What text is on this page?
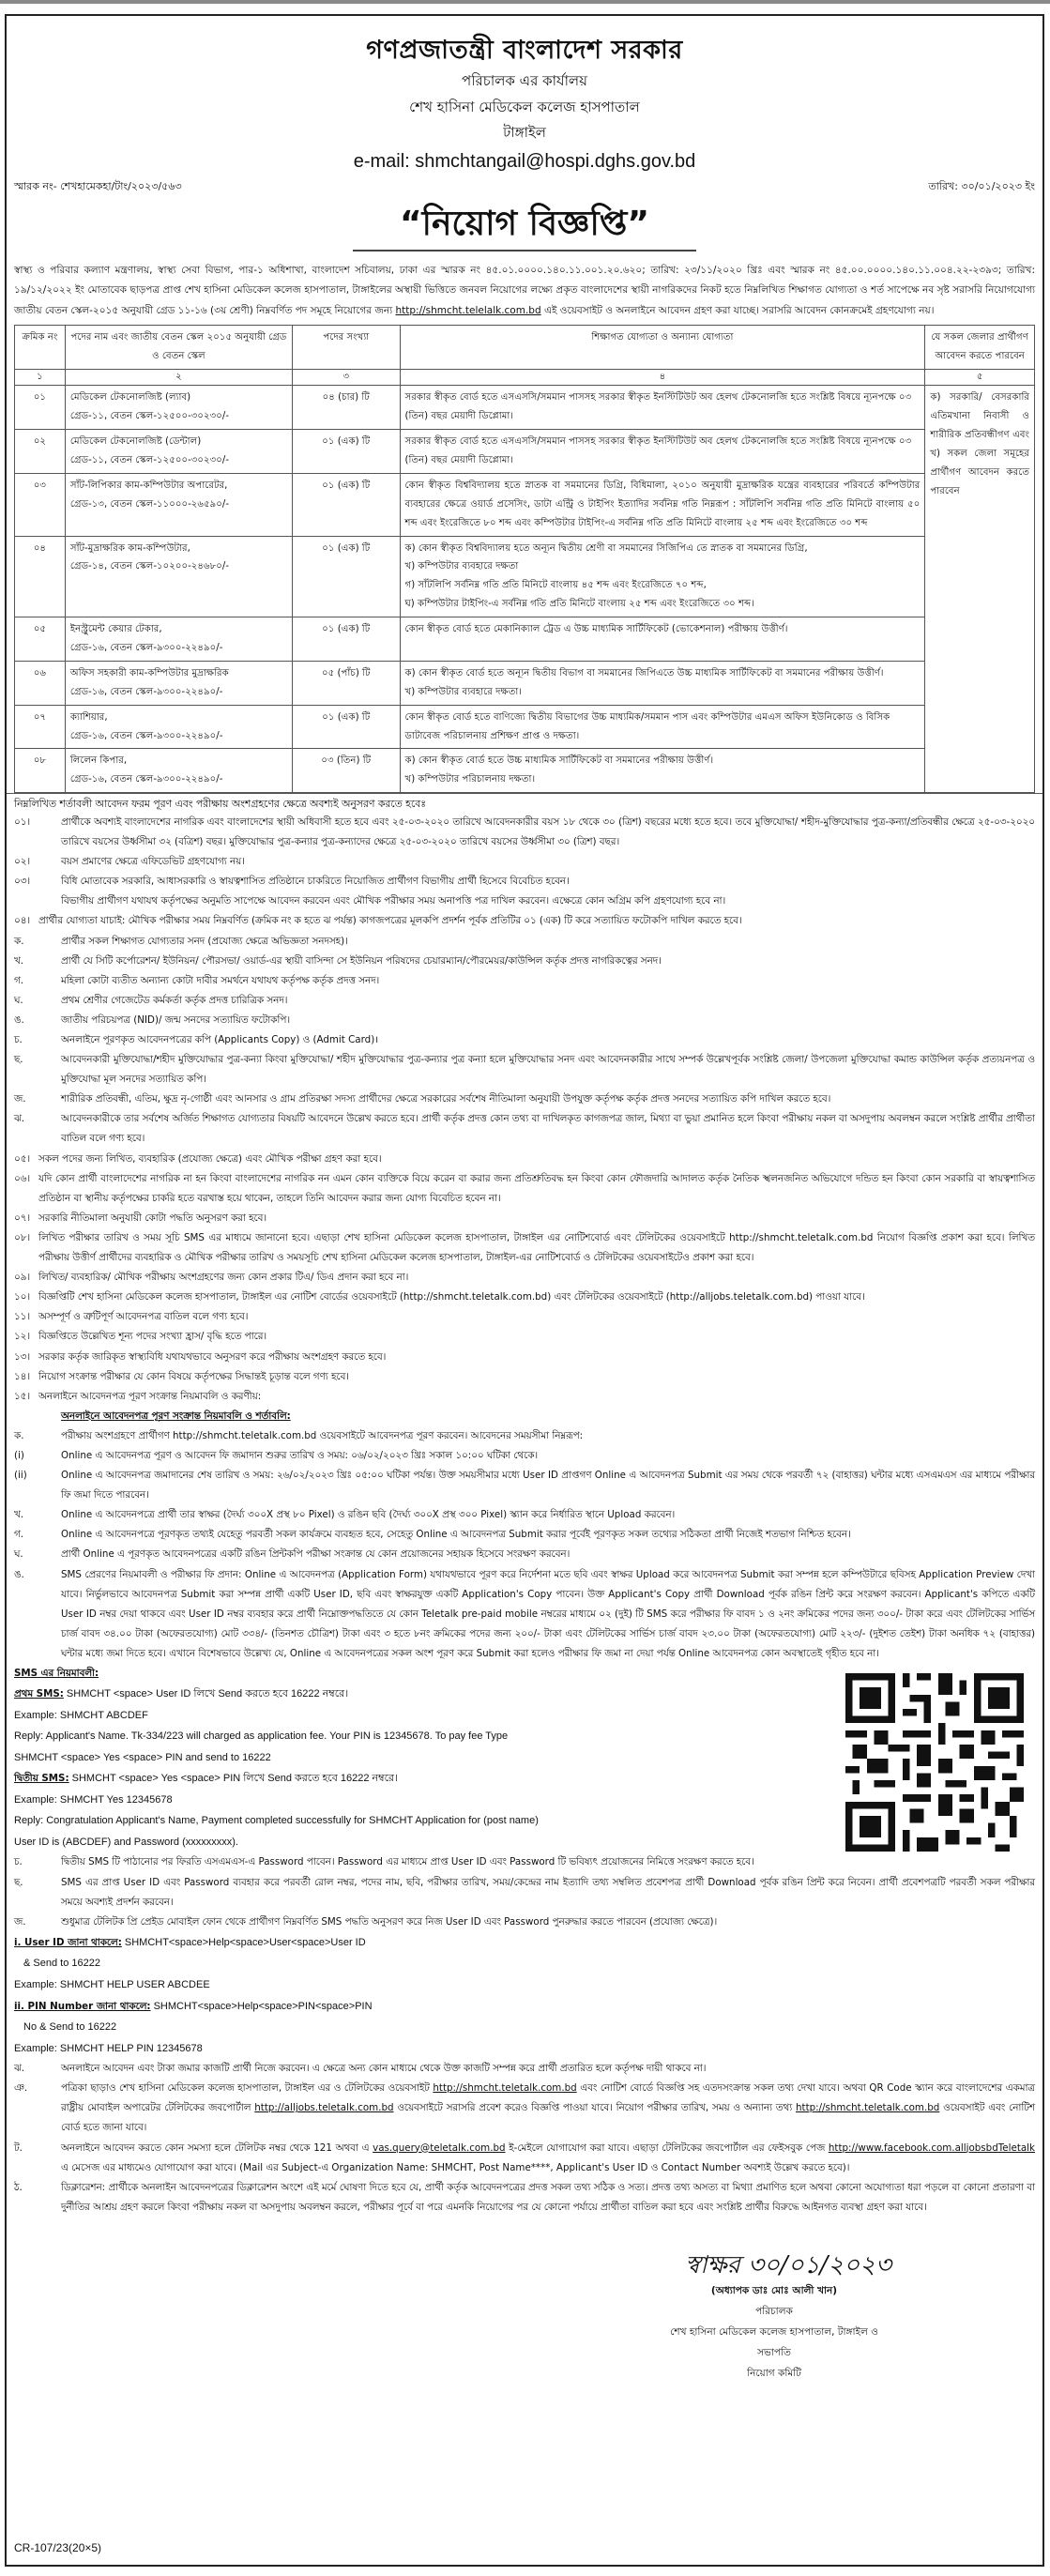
গণপ্রজাতন্ত্রী বাংলাদেশ সরকার
পরিচালক এর কার্যালয়
শেখ হাসিনা মেডিকেল কলেজ হাসপাতাল
টাঙ্গাইল
e-mail: shmchtangail@hospi.dghs.gov.bd
স্মারক নং- শেখহামেকহা/টাং/২০২৩/৫৬৩	তারিখ: ৩০/০১/২০২৩ ইং
“নিয়োগ বিজ্ঞপ্তি”

স্বাস্থ্য ও পরিবার কল্যাণ মন্ত্রণালয়, স্বাস্থ্য সেবা বিভাগ, পার-১ অধিশাখা, বাংলাদেশ সচিবালয়, ঢাকা এর স্মারক নং ৪৫.০১.০০০০.১৪০.১১.০০১.২০.৬২০; তারিখ: ২৩/১১/২০২০ খ্রিঃ এবং স্মারক নং ৪৫.০০.০০০০.১৪০.১১.০০৪.২২-২৩৯৩; তারিখ: ১৯/১২/২০২২ ইং মোতাবেক ছাড়পত্র প্রাপ্ত শেখ হাসিনা মেডিকেল কলেজ হাসপাতাল, টাঙ্গাইলের অস্থায়ী ভিত্তিতে জনবল নিয়োগের লক্ষ্যে প্রকৃত বাংলাদেশের স্থায়ী নাগরিকদের নিকট হতে নিম্নলিখিত শিক্ষাগত যোগ্যতা ও শর্ত সাপেক্ষে নব সৃষ্ট সরাসরি নিয়োগযোগ্য জাতীয় বেতন স্কেল-২০১৫ অনুযায়ী গ্রেড ১১-১৬ (৩য় শ্রেণী) নিম্নবর্ণিত পদ সমূহে নিয়োগের জন্য http://shmcht.telelalk.com.bd এই ওয়েবসাইট ও অনলাইনে আবেদন গ্রহণ করা যাচ্ছে। সরাসরি আবেদন কোনক্রমেই গ্রহণযোগ্য নয়।

ক্রমিক নং	পদের নাম এবং জাতীয় বেতন স্কেল ২০১৫ অনুযায়ী গ্রেড ও বেতন স্কেল	পদের সংখ্যা	শিক্ষাগত যোগ্যতা ও অন্যান্য যোগ্যতা	যে সকল জেলার প্রার্থীগণ আবেদন করতে পারবেন
১	২	৩	৪	৫
০১	মেডিকেল টেকনোলজিষ্ট (ল্যাব)
গ্রেড-১১, বেতন স্কেল-১২৫০০-৩০২৩০/-	০৪ (চার) টি	সরকার স্বীকৃত বোর্ড হতে এসএসসি/সমমান পাসসহ সরকার স্বীকৃত ইনস্টিটিউট অব হেলথ টেকনোলজি হতে সংশ্লিষ্ট বিষয়ে ন্যূনপক্ষে ০৩ (তিন) বছর মেয়াদী ডিপ্লোমা।	ক) সরকারি/ বেসরকারি এতিমখানা নিবাসী ও শারীরিক প্রতিবন্ধীগণ এবং খ) সকল জেলা সমূহের প্রার্থীগণ আবেদন করতে পারবেন
০২	মেডিকেল টেকনোলজিষ্ট (ডেন্টাল)
গ্রেড-১১, বেতন স্কেল-১২৫০০-৩০২৩০/-	০১ (এক) টি	সরকার স্বীকৃত বোর্ড হতে এসএসসি/সমমান পাসসহ সরকার স্বীকৃত ইনস্টিটিউট অব হেলথ টেকনোলজি হতে সংশ্লিষ্ট বিষয়ে ন্যূনপক্ষে ০৩ (তিন) বছর মেয়াদী ডিপ্লোমা।	

০৩	সাঁট-লিপিকার কাম-কম্পিউটার অপারেটর,
গ্রেড-১৩, বেতন স্কেল-১১০০০-২৬৫৯০/-	০১ (এক) টি	কোন স্বীকৃত বিশ্ববিদ্যালয় হতে স্নাতক বা সমমানের ডিগ্রি, বিধিমালা, ২০১০ অনুযায়ী মুদ্রাক্ষরিক যন্ত্রের ব্যবহারের পরিবর্তে কম্পিউটার ব্যবহারের ক্ষেত্রে ওয়ার্ড প্রসেসিং, ডাটা এন্ট্রি ও টাইপিং ইত্যাদির সর্বনিম্ন গতি নিম্নরূপ : সাঁটলিপি সর্বনিম্ন গতি প্রতি মিনিটে বাংলায় ৫০ শব্দ এবং ইংরেজিতে ৮০ শব্দ এবং কম্পিউটার টাইপিং-এ সর্বনিম্ন গতি প্রতি মিনিটে বাংলায় ২৫ শব্দ এবং ইংরেজিতে ৩০ শব্দ	

০৪	সাঁট-মুদ্রাক্ষরিক কাম-কম্পিউটার,
গ্রেড-১৪, বেতন স্কেল-১০২০০-২৪৬৮০/-
	০১ (এক) টি	ক) কোন স্বীকৃত বিশ্ববিদ্যালয় হতে অন্যূন দ্বিতীয় শ্রেণী বা সমমানের সিজিপিএ তে স্নাতক বা সমমানের ডিগ্রি,
খ) কম্পিউটার ব্যবহারে দক্ষতা
গ) সাঁটলিপি সর্বনিম্ন গতি প্রতি মিনিটে বাংলায় ৪৫ শব্দ এবং ইংরেজিতে ৭০ শব্দ,
ঘ) কম্পিউটার টাইপিং-এ সর্বনিম্ন গতি প্রতি মিনিটে বাংলায় ২৫ শব্দ এবং ইংরেজিতে ৩০ শব্দ।

০৫	ইনস্ট্রুমেন্ট কেয়ার টেকার,
গ্রেড-১৬, বেতন স্কেল-৯৩০০-২২৪৯০/-	০১ (এক) টি	কোন স্বীকৃত বোর্ড হতে মেকানিক্যাল ট্রেড এ উচ্চ মাধ্যমিক সার্টিফিকেট (ভোকেশনাল) পরীক্ষায় উত্তীর্ণ।	

০৬	অফিস সহকারী কাম-কম্পিউটার মুদ্রাক্ষরিক
গ্রেড-১৬, বেতন স্কেল-৯৩০০-২২৪৯০/-
	০৫ (পাঁচ) টি	ক) কোন স্বীকৃত বোর্ড হতে অন্যূন দ্বিতীয় বিভাগ বা সমমানের জিপিএতে উচ্চ মাধ্যমিক সার্টিফিকেট বা সমমানের পরীক্ষায় উত্তীর্ণ।
খ) কম্পিউটার ব্যবহারে দক্ষতা।

০৭	ক্যাশিয়ার,
গ্রেড-১৬, বেতন স্কেল-৯৩০০-২২৪৯০/-	০১ (এক) টি	কোন স্বীকৃত বোর্ড হতে বাণিজ্যে দ্বিতীয় বিভাগের উচ্চ মাধ্যমিক/সমমান পাস এবং কম্পিউটার এমএস অফিস ইউনিকোড ও বিসিক ডাটাবেজ পরিচালনায় প্রশিক্ষণ প্রাপ্ত ও দক্ষতা।	

০৮	লিলেন কিপার,
গ্রেড-১৬, বেতন স্কেল-৯৩০০-২২৪৯০/-
	০৩ (তিন) টি	ক) কোন স্বীকৃত বোর্ড হতে উচ্চ মাধ্যমিক সার্টিফিকেট বা সমমানের পরীক্ষায় উত্তীর্ণ।
খ) কম্পিউটার পরিচালনায় দক্ষতা।
নিম্নলিখিত শর্তাবলী আবেদন ফরম পূরণ এবং পরীক্ষায় অংশগ্রহণের ক্ষেত্রে অবশ্যই অনুসরণ করতে হবেঃ
০১।	প্রার্থীকে অবশ্যই বাংলাদেশের নাগরিক এবং বাংলাদেশের স্থায়ী অধিবাসী হতে হবে এবং ২৫-০৩-২০২০ তারিখে আবেদনকারীর বয়স ১৮ থেকে ৩০ (ত্রিশ) বছরের মধ্যে হতে হবে। তবে মুক্তিযোদ্ধা/ শহীদ-মুক্তিযোদ্ধার পুত্র-কন্যা/প্রতিবন্ধীর ক্ষেত্রে ২৫-০৩-২০২০ তারিখে বয়সের উর্ধ্বসীমা ৩২ (বত্রিশ) বছর। মুক্তিযোদ্ধার পুত্র-কন্যার পুত্র-কন্যাদের ক্ষেত্রে ২৫-০৩-২০২০ তারিখে বয়সের উর্ধ্বসীমা ৩০ (ত্রিশ) বছর।
০২।	বয়স প্রমাণের ক্ষেত্রে এফিডেভিট গ্রহণযোগ্য নয়।
০৩।	বিধি মোতাবেক সরকারি, আধাসরকারি ও স্বায়ত্বশাসিত প্রতিষ্ঠানে চাকরিতে নিয়োজিত প্রার্থীগণ বিভাগীয় প্রার্থী হিসেবে বিবেচিত হবেন।
বিভাগীয় প্রার্থীগণ যথাযথ কর্তৃপক্ষের অনুমতি সাপেক্ষে আবেদন করবেন এবং মৌখিক পরীক্ষার সময় অনাপত্তি পত্র দাখিল করবেন। এক্ষেত্রে কোন অগ্রিম কপি গ্রহণযোগ্য হবে না।
০৪। প্রার্থীর যোগ্যতা যাচাই: মৌখিক পরীক্ষার সময় নিম্নবর্ণিত (ক্রমিক নং ক হতে ঝ পর্যন্ত) কাগজপত্রের মূলকপি প্রদর্শন পূর্বক প্রতিটির ০১ (এক) টি করে সত্যায়িত ফটোকপি দাখিল করতে হবে।
ক.	প্রার্থীর সকল শিক্ষাগত যোগ্যতার সনদ (প্রযোজ্য ক্ষেত্রে অভিজ্ঞতা সনদসহ)।
খ.	প্রার্থী যে সিটি কর্পোরেশন/ ইউনিয়ন/ পৌরসভা/ ওয়ার্ড-এর স্থায়ী বাসিন্দা সে ইউনিয়ন পরিষদের চেয়ারম্যান/পৌরমেয়র/কাউন্সিল কর্তৃক প্রদত্ত নাগরিকত্বের সনদ।
গ.	মহিলা কোটা ব্যতীত অন্যান্য কোটা দাবীর সমর্থনে যথাযথ কর্তৃপক্ষ কর্তৃক প্রদত্ত সনদ।
ঘ.	প্রথম শ্রেণীর গেজেটেড কর্মকর্তা কর্তৃক প্রদত্ত চারিত্রিক সনদ।
ঙ.	জাতীয় পরিচয়পত্র (NID)/ জন্ম সনদের সত্যায়িত ফটোকপি।
চ.	অনলাইনে পূরণকৃত আবেদনপত্রের কপি (Applicants Copy) ও (Admit Card)।
ছ.	আবেদনকারী মুক্তিযোদ্ধা/শহীদ মুক্তিযোদ্ধার পুত্র-কন্যা কিংবা মুক্তিযোদ্ধা/ শহীদ মুক্তিযোদ্ধার পুত্র-কন্যার পুত্র কন্যা হলে মুক্তিযোদ্ধার সনদ এবং আবেদনকারীর সাথে সম্পর্ক উল্লেখপূর্বক সংশ্লিষ্ট জেলা/ উপজেলা মুক্তিযোদ্ধা কমান্ড কাউন্সিল কর্তৃক প্রত্যয়নপত্র ও মুক্তিযোদ্ধা মূল সনদের সত্যায়িত কপি।
জ.	শারীরিক প্রতিবন্ধী, এতিম, ক্ষুদ্র নৃ-গোষ্ঠী এবং আনসার ও গ্রাম প্রতিরক্ষা সদস্য প্রার্থীদের ক্ষেত্রে সরকারের সর্বশেষ নীতিমালা অনুযায়ী উপযুক্ত কর্তৃপক্ষ কর্তৃক প্রদত্ত সনদের সত্যায়িত কপি দাখিল করতে হবে।
ঝ.	আবেদনকারীকে তার সর্বশেষ অর্জিত শিক্ষাগত যোগ্যতার বিষয়টি আবেদনে উল্লেখ করতে হবে। প্রার্থী কর্তৃক প্রদত্ত কোন তথ্য বা দাখিলকৃত কাগজপত্র জাল, মিথ্যা বা ভুয়া প্রমানিত হলে কিংবা পরীক্ষায় নকল বা অসদুপায় অবলম্বন করলে সংশ্লিষ্ট প্রার্থীর প্রার্থীতা বাতিল বলে গণ্য হবে।
০৫। সকল পদের জন্য লিখিত, ব্যবহারিক (প্রযোজ্য ক্ষেত্রে) এবং মৌখিক পরীক্ষা গ্রহণ করা হবে।
০৬। যদি কোন প্রার্থী বাংলাদেশের নাগরিক না হন কিংবা বাংলাদেশের নাগরিক নন এমন কোন ব্যক্তিকে বিয়ে করেন বা করার জন্য প্রতিশ্রুতিবদ্ধ হন কিংবা কোন ফৌজদারি আদালত কর্তৃক নৈতিক স্খলনজনিত অভিযোগে দন্ডিত হন কিংবা কোন সরকারি বা স্বায়ত্বশাসিত প্রতিষ্ঠান বা স্থানীয় কর্তৃপক্ষের চাকরি হতে বরখাস্ত হয়ে থাকেন, তাহলে তিনি আবেদন করার জন্য যোগ্য বিবেচিত হবেন না।
০৭। সরকারি নীতিমালা অনুযায়ী কোটা পদ্ধতি অনুসরণ করা হবে।
০৮। লিখিত পরীক্ষার তারিখ ও সময় সূচি SMS এর মাধ্যমে জানানো হবে। এছাড়া শেখ হাসিনা মেডিকেল কলেজ হাসপাতাল, টাঙ্গাইল এর নোটিশবোর্ড এবং টেলিটকের ওয়েবসাইটে http://shmcht.teletalk.com.bd নিয়োগ বিজ্ঞপ্তি প্রকাশ করা হবে। লিখিত পরীক্ষায় উত্তীর্ণ প্রার্থীদের ব্যবহারিক ও মৌখিক পরীক্ষার তারিখ ও সময়সূচি শেখ হাসিনা মেডিকেল কলেজ হাসপাতাল, টাঙ্গাইল-এর নোটিশবোর্ড ও টেলিটকের ওয়েবসাইটেও প্রকাশ করা হবে।
০৯। লিখিত/ ব্যবহারিক/ মৌখিক পরীক্ষায় অংশগ্রহণের জন্য কোন প্রকার টিএ/ ডিএ প্রদান করা হবে না।
১০। বিজ্ঞপ্তিটি শেখ হাসিনা মেডিকেল কলেজ হাসপাতাল, টাঙ্গাইল এর নোটিশ বোর্ডের ওয়েবসাইটে (http://shmcht.teletalk.com.bd) এবং টেলিটকের ওয়েবসাইটে (http://alljobs.teletalk.com.bd) পাওয়া যাবে।
১১। অসম্পূর্ণ ও ত্রুটিপূর্ণ আবেদনপত্র বাতিল বলে গণ্য হবে।
১২। বিজ্ঞপ্তিতে উল্লেখিত শূন্য পদের সংখ্যা হ্রাস/ বৃদ্ধি হতে পারে।
১৩। সরকার কর্তৃক জারিকৃত স্বাস্থ্যবিধি যথাযথভাবে অনুসরণ করে পরীক্ষায় অংশগ্রহণ করতে হবে।
১৪। নিয়োগ সংক্রান্ত পরীক্ষার যে কোন বিষয়ে কর্তৃপক্ষের সিদ্ধান্তই চূড়ান্ত বলে গণ্য হবে।
১৫। অনলাইনে আবেদনপত্র পূরণ সংক্রান্ত নিয়মাবলি ও করণীয়:
অনলাইনে আবেদনপত্র পূরণ সংক্রান্ত নিয়মাবলি ও শর্তাবলি:
ক.	পরীক্ষায় অংশগ্রহণে প্রার্থীগণ http://shmcht.teletalk.com.bd ওয়েবসাইটে আবেদনপত্র পূরণ করবেন। আবেদনের সময়সীমা নিম্নরূপ:
(i)	Online এ আবেদনপত্র পূরণ ও আবেদন ফি জমাদান শুরুর তারিখ ও সময়: ০৬/০২/২০২৩ খ্রিঃ সকাল ১০:০০ ঘটিকা থেকে।
(ii)	Online এ আবেদনপত্র জমাদানের শেষ তারিখ ও সময়: ২৬/০২/২০২৩ খ্রিঃ ০৫:০০ ঘটিকা পর্যন্ত। উক্ত সময়সীমার মধ্যে User ID প্রাপ্তগণ Online এ আবেদনপত্র Submit এর সময় থেকে পরবর্তী ৭২ (বাহাত্তর) ঘন্টার মধ্যে এসএমএস এর মাধ্যমে পরীক্ষার ফি জমা দিতে পারবেন।
খ.	Online এ আবেদনপত্রে প্রার্থী তার স্বাক্ষর (দৈর্ঘ্য ৩০০X প্রস্থ ৮০ Pixel) ও রঙিন ছবি (দৈর্ঘ্য ৩০০X প্রস্থ ৩০০ Pixel) স্ক্যান করে নির্ধারিত স্থানে Upload করবেন।
গ.	Online এ আবেদনপত্রে পূরণকৃত তথ্যই যেহেতু পরবর্তী সকল কার্যক্রমে ব্যবহৃত হবে, সেহেতু Online এ আবেদনপত্র Submit করার পূর্বেই পূরণকৃত সকল তথ্যের সঠিকতা প্রার্থী নিজেই শতভাগ নিশ্চিত হবেন।
ঘ.	প্রার্থী Online এ পূরণকৃত আবেদনপত্রের একটি রঙিন প্রিন্টকপি পরীক্ষা সংক্রান্ত যে কোন প্রয়োজনের সহায়ক হিসেবে সংরক্ষণ করবেন।
ঙ.	SMS প্রেরণের নিয়মাবলী ও পরীক্ষার ফি প্রদান: Online এ আবেদনপত্র (Application Form) যথাযথভাবে পূরণ করে নির্দেশনা মতে ছবি এবং স্বাক্ষর Upload করে আবেদনপত্র Submit করা সম্পন্ন হলে কম্পিউটারে ছবিসহ Application Preview দেখা যাবে। নির্ভুলভাবে আবেদনপত্র Submit করা সম্পন্ন প্রার্থী একটি User ID, ছবি এবং স্বাক্ষরযুক্ত একটি Application's Copy পাবেন। উক্ত Applicant's Copy প্রার্থী Download পূর্বক রঙিন প্রিন্ট করে সংরক্ষণ করবেন। Applicant's কপিতে একটি User ID নম্বর দেয়া থাকবে এবং User ID নম্বর ব্যবহার করে প্রার্থী নিম্নোক্তপদ্ধতিতে যে কোন Teletalk pre-paid mobile নম্বরের মাধ্যমে ০২ (দুই) টি SMS করে পরীক্ষার ফি বাবদ ১ ও ২নং ক্রমিকের পদের জন্য ৩০০/- টাকা করে এবং টেলিটকের সার্ভিস চার্জ বাবদ ৩৪.০০ টাকা (অফেরতযোগ্য) মোট ৩৩৪/- (তিনশত চৌত্রিশ) টাকা এবং ৩ হতে ৮নং ক্রমিকের পদের জন্য ২০০/- টাকা এবং টেলিটকের সার্ভিস চার্জ বাবদ ২৩.০০ টাকা (অফেরতযোগ্য) মোট ২২৩/- (দুইশত তেইশ) টাকা অনধিক ৭২ (বাহাত্তর) ঘন্টার মধ্যে জমা দিতে হবে। এখানে বিশেষভাবে উল্লেখ্য যে, Online এ আবেদনপত্রের সকল অংশ পূরণ করে Submit করা হলেও পরীক্ষার ফি জমা না দেয়া পর্যন্ত Online আবেদনপত্র কোন অবস্থাতেই গৃহীত হবে না।
SMS এর নিয়মাবলী:
প্রথম SMS: SHMCHT <space> User ID লিখে Send করতে হবে 16222 নম্বরে।
Example: SHMCHT ABCDEF
Reply: Applicant's Name. Tk-334/223 will charged as application fee. Your PIN is 12345678. To pay fee Type
SHMCHT <space> Yes <space> PIN and send to 16222
দ্বিতীয় SMS: SHMCHT <space> Yes <space> PIN লিখে Send করতে হবে 16222 নম্বরে।
Example: SHMCHT Yes 12345678
Reply: Congratulation Applicant's Name, Payment completed successfully for SHMCHT Application for (post name)
User ID is (ABCDEF) and Password (xxxxxxxxx).
চ.	দ্বিতীয় SMS টি পাঠানোর পর ফিরতি এসএমএস-এ Password পাবেন। Password এর মাধ্যমে প্রাপ্ত User ID এবং Password টি ভবিষ্যৎ প্রয়োজনের নিমিত্তে সংরক্ষণ করতে হবে।
ছ.	SMS এর প্রাপ্ত User ID এবং Password ব্যবহার করে পরবর্তী রোল নম্বর, পদের নাম, ছবি, পরীক্ষার তারিখ, সময়/কেন্দ্রের নাম ইত্যাদি তথ্য সম্বলিত প্রবেশপত্র প্রার্থী Download পূর্বক রঙিন প্রিন্ট করে নিবেন। প্রার্থী প্রবেশপত্রটি পরবর্তী সকল পরীক্ষার সময়ে অবশ্যই প্রদর্শন করবেন।
জ.	শুধুমাত্র টেলিটক প্রি প্রেইড মোবাইল ফোন থেকে প্রার্থীগণ নিম্নবর্ণিত SMS পদ্ধতি অনুসরণ করে নিজ User ID এবং Password পুনরুদ্ধার করতে পারবেন (প্রযোজ্য ক্ষেত্রে)।
i. User ID জানা থাকলে: SHMCHT<space>Help<space>User<space>User ID
& Send to 16222
Example: SHMCHT HELP USER ABCDEE
ii. PIN Number জানা থাকলে: SHMCHT<space>Help<space>PIN<space>PIN
No & Send to 16222
Example: SHMCHT HELP PIN 12345678
ঝ.	অনলাইনে আবেদন এবং টাকা জমার কাজটি প্রার্থী নিজে করবেন। এ ক্ষেত্রে অন্য কোন মাধ্যমে থেকে উক্ত কাজটি সম্পন্ন করে প্রার্থী প্রতারিত হলে কর্তৃপক্ষ দায়ী থাকবে না।
ঞ.	পত্রিকা ছাড়াও শেখ হাসিনা মেডিকেল কলেজ হাসপাতাল, টাঙ্গাইল এর ও টেলিটকের ওয়েবসাইট http://shmcht.teletalk.com.bd এবং নোটিশ বোর্ডে বিজ্ঞপ্তি সহ এতদসংক্রান্ত সকল তথ্য দেখা যাবে। অথবা QR Code স্ক্যান করে বাংলাদেশের একমাত্র রাষ্ট্রীয় মোবাইল অপারেটর টেলিটকের জবপোর্টাল http://alljobs.teletalk.com.bd ওয়েবসাইটে সরাসরি প্রবেশ করেও বিজ্ঞপ্তি পাওয়া যাবে। নিয়োগ পরীক্ষার তারিখ, সময় ও অন্যান্য তথ্য http://shmcht.teletalk.com.bd ওয়েবসাইট এবং নোটিশ বোর্ড হতে জানা যাবে।
ট.	অনলাইনে আবেদন করতে কোন সমস্যা হলে টেলিটক নম্বর থেকে 121 অথবা এ vas.query@teletalk.com.bd ই-মেইলে যোগাযোগ করা যাবে। এছাড়া টেলিটকের জবপোর্টাল এর ফেইসবুক পেজ http://www.facebook.com.alljobsbdTeletalk এ মেসেজ এর মাধ্যমেও যোগাযোগ করা যাবে। (Mail এর Subject-এ Organization Name: SHMCHT, Post Name****, Applicant's User ID ও Contact Number অবশ্যই উল্লেখ করতে হবে)।
ঠ.	ডিক্লারেশন: প্রার্থীকে অনলাইন আবেদনপত্রের ডিক্লারেশন অংশে এই মর্মে ঘোষণা দিতে হবে যে, প্রার্থী কর্তৃক আবেদনপত্রের প্রদত্ত সকল তথ্য সঠিক ও সত্য। প্রদত্ত তথ্য অসত্য বা মিথ্যা প্রমাণিত হলে অথবা কোনো অযোগ্যতা ধরা পড়লে বা কোনো প্রতারণা বা দুর্নীতির আশ্রয় গ্রহণ করলে কিংবা পরীক্ষায় নকল বা অসদুপায় অবলম্বন করলে, পরীক্ষার পূর্বে বা পরে এমনকি নিয়োগের পর যে কোনো পর্যায়ে প্রার্থীতা বাতিল করা হবে এবং সংশ্লিষ্ট প্রার্থীর বিরুদ্ধে আইনগত ব্যবস্থা গ্রহণ করা যাবে।
স্বাক্ষর ৩০/০১/২০২৩
(অধ্যাপক ডাঃ মোঃ আলী খান)
পরিচালক
শেখ হাসিনা মেডিকেল কলেজ হাসপাতাল, টাঙ্গাইল ও
সভাপতি
নিয়োগ কমিটি
CR-107/23(20×5)
